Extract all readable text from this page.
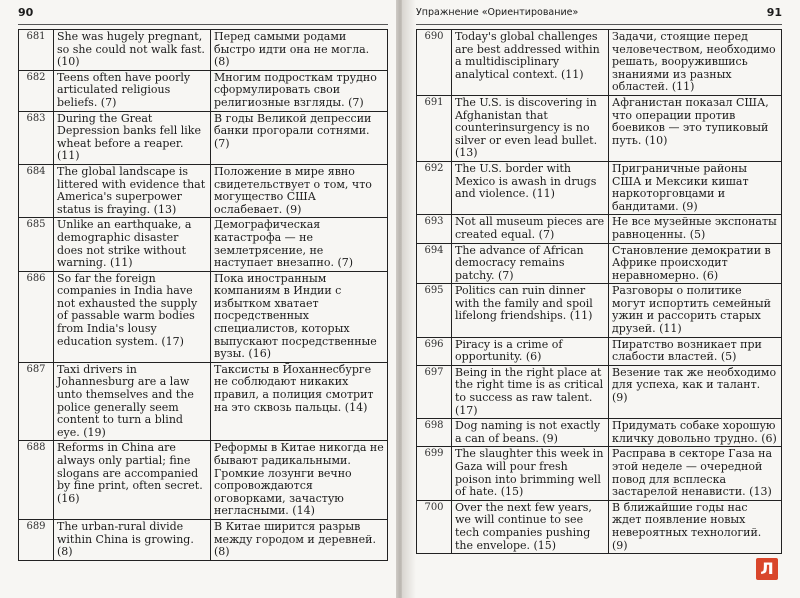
90
681	She was hugely pregnant, so she could not walk fast. (10)	Перед самыми родами быстро идти она не могла. (8)
682	Teens often have poorly articulated religious beliefs. (7)	Многим подросткам трудно сформулировать свои религиозные взгляды. (7)
683	During the Great Depression banks fell like wheat before a reaper. (11)	В годы Великой депрессии банки прогорали сотнями. (7)
684	The global landscape is littered with evidence that America's superpower status is fraying. (13)	Положение в мире явно свидетельствует о том, что могущество США ослабевает. (9)
685	Unlike an earthquake, a demographic disaster does not strike without warning. (11)	Демографическая катастрофа — не землетрясение, не наступает внезапно. (7)
686	So far the foreign companies in India have not exhausted the supply of passable warm bodies from India's lousy education system. (17)	Пока иностранным компаниям в Индии с избытком хватает посредственных специалистов, которых выпускают посредственные вузы. (16)
687	Taxi drivers in Johannesburg are a law unto themselves and the police generally seem content to turn a blind eye. (19)	Таксисты в Йоханнесбурге не соблюдают никаких правил, а полиция смотрит на это сквозь пальцы. (14)
688	Reforms in China are always only partial; fine slogans are accompanied by fine print, often secret. (16)	Реформы в Китае никогда не бывают радикальными. Громкие лозунги вечно сопровождаются оговорками, зачастую негласными. (14)
689	The urban-rural divide within China is growing. (8)	В Китае ширится разрыв между городом и деревней. (8)
Упражнение «Ориентирование»	91
690	Today's global challenges are best addressed within a multidisciplinary analytical context. (11)	Задачи, стоящие перед человечеством, необходимо решать, вооружившись знаниями из разных областей. (11)
691	The U.S. is discovering in Afghanistan that counterinsurgency is no silver or even lead bullet. (13)	Афганистан показал США, что операции против боевиков — это тупиковый путь. (10)
692	The U.S. border with Mexico is awash in drugs and violence. (11)	Приграничные районы США и Мексики кишат наркоторговцами и бандитами. (9)
693	Not all museum pieces are created equal. (7)	Не все музейные экспонаты равноценны. (5)
694	The advance of African democracy remains patchy. (7)	Становление демократии в Африке происходит неравномерно. (6)
695	Politics can ruin dinner with the family and spoil lifelong friendships. (11)	Разговоры о политике могут испортить семейный ужин и рассорить старых друзей. (11)
696	Piracy is a crime of opportunity. (6)	Пиратство возникает при слабости властей. (5)
697	Being in the right place at the right time is as critical to success as raw talent. (17)	Везение так же необходимо для успеха, как и талант. (9)
698	Dog naming is not exactly a can of beans. (9)	Придумать собаке хорошую кличку довольно трудно. (6)
699	The slaughter this week in Gaza will pour fresh poison into brimming well of hate. (15)	Расправа в секторе Газа на этой неделе — очередной повод для всплеска застарелой ненависти. (13)
700	Over the next few years, we will continue to see tech companies pushing the envelope. (15)	В ближайшие годы нас ждет появление новых невероятных технологий. (9)
Л
